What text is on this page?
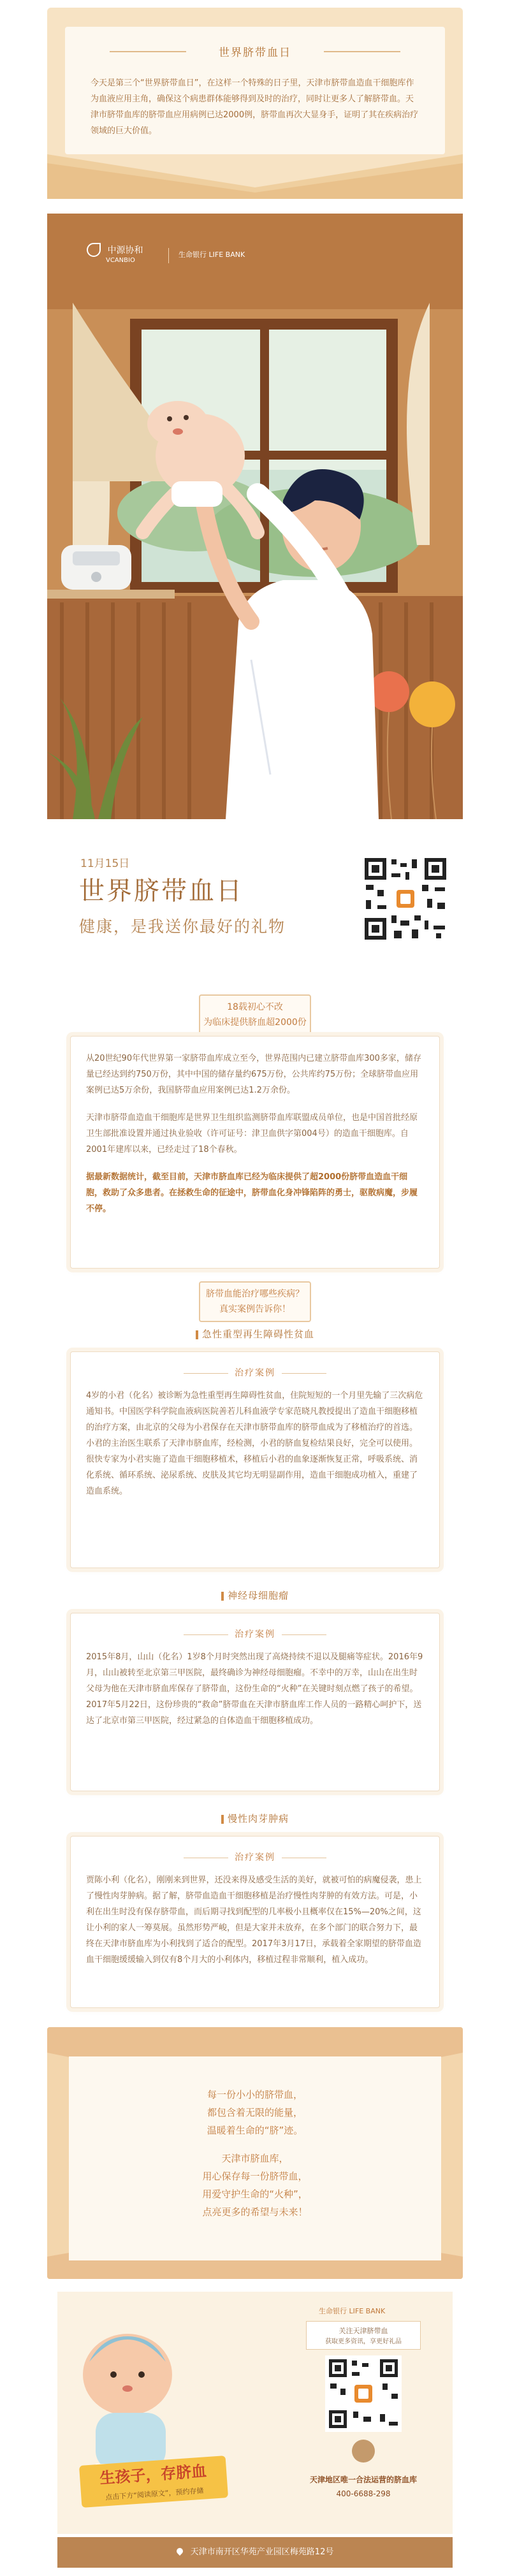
世界脐带血日
今天是第三个“世界脐带血日”，在这样一个特殊的日子里，天津市脐带血造血干细胞库作为血液应用主角，确保这个病患群体能够得到及时的治疗，同时让更多人了解脐带血。天津市脐带血库的脐带血应用病例已达2000例，脐带血再次大显身手，证明了其在疾病治疗领域的巨大价值。
中源协和
VCANBIO
生命银行 LIFE BANK
11月15日
世界脐带血日
健康，是我送你最好的礼物
18载初心不改
为临床提供脐血超2000份

从20世纪90年代世界第一家脐带血库成立至今，世界范围内已建立脐带血库300多家，储存量已经达到约750万份，其中中国的储存量约675万份，公共库约75万份；全球脐带血应用案例已达5万余份，我国脐带血应用案例已达1.2万余份。

天津市脐带血造血干细胞库是世界卫生组织监测脐带血库联盟成员单位，也是中国首批经原卫生部批准设置并通过执业验收（许可证号：津卫血供字第004号）的造血干细胞库。自2001年建库以来，已经走过了18个春秋。

据最新数据统计，截至目前，天津市脐血库已经为临床提供了超2000份脐带血造血干细胞，救助了众多患者。在拯救生命的征途中，脐带血化身冲锋陷阵的勇士，驱散病魔，步履不停。

脐带血能治疗哪些疾病？
真实案例告诉你！
急性重型再生障碍性贫血
治疗案例

4岁的小君（化名）被诊断为急性重型再生障碍性贫血，住院短短的一个月里先输了三次病危通知书。中国医学科学院血液病医院善若儿科血液学专家范晓凡教授提出了造血干细胞移植的治疗方案，由北京的父母为小君保存在天津市脐带血库的脐带血成为了移植治疗的首选。小君的主治医生联系了天津市脐血库，经检测，小君的脐血复检结果良好，完全可以使用。很快专家为小君实施了造血干细胞移植术，移植后小君的血象逐渐恢复正常，呼吸系统、消化系统、循环系统、泌尿系统、皮肤及其它均无明显副作用，造血干细胞成功植入，重建了造血系统。

神经母细胞瘤
治疗案例

2015年8月，山山（化名）1岁8个月时突然出现了高烧持续不退以及腿痛等症状。2016年9月，山山被转至北京第三甲医院，最终确诊为神经母细胞瘤。不幸中的万幸，山山在出生时父母为他在天津市脐血库保存了脐带血，这份生命的“火种”在关键时刻点燃了孩子的希望。2017年5月22日，这份珍贵的“救命”脐带血在天津市脐血库工作人员的一路精心呵护下，送达了北京市第三甲医院，经过紧急的自体造血干细胞移植成功。

慢性肉芽肿病
治疗案例

贾陈小利（化名），刚刚来到世界，还没来得及感受生活的美好，就被可怕的病魔侵袭，患上了慢性肉芽肿病。据了解，脐带血造血干细胞移植是治疗慢性肉芽肿的有效方法。可是，小利在出生时没有保存脐带血，而后期寻找到配型的几率极小且概率仅在15%—20%之间，这让小利的家人一筹莫展。虽然形势严峻，但是大家并未放弃，在多个部门的联合努力下，最终在天津市脐血库为小利找到了适合的配型。2017年3月17日，承载着全家期望的脐带血造血干细胞缓缓输入到仅有8个月大的小利体内，移植过程非常顺利，植入成功。

每一份小小的脐带血，
都包含着无限的能量，
温暖着生命的“脐”迹。
天津市脐血库，
用心保存每一份脐带血，
用爱守护生命的“火种”，
点亮更多的希望与未来！
生孩子，存脐血
点击下方“阅读原文”，预约存储
生命银行 LIFE BANK
关注天津脐带血
获取更多资讯，享更好礼品
天津地区唯一合法运营的脐血库
400-6688-298
天津市南开区华苑产业园区梅苑路12号
